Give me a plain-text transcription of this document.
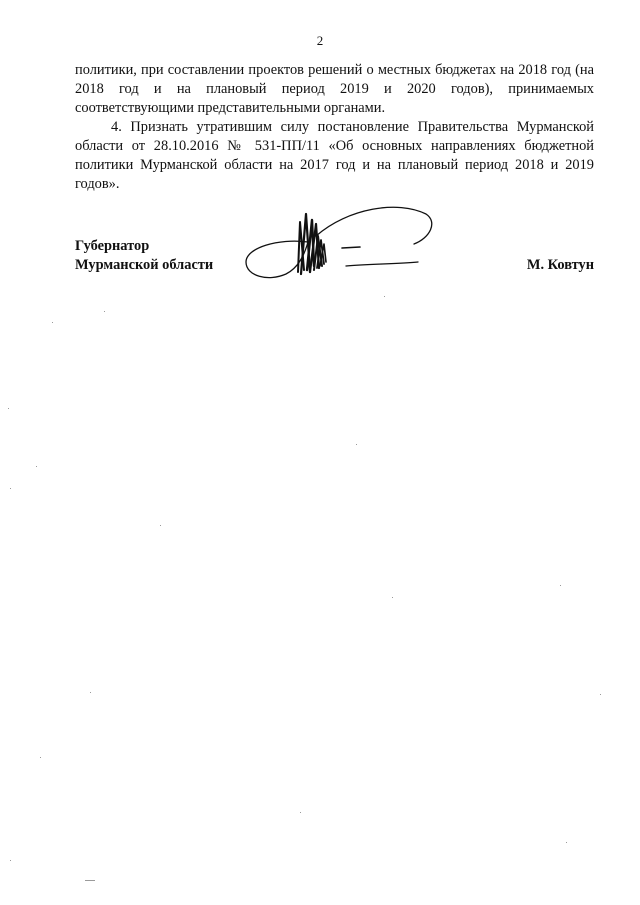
2

политики, при составлении проектов решений о местных бюджетах на 2018 год (на 2018 год и на плановый период 2019 и 2020 годов), принимаемых соответствующими представительными органами.

4. Признать утратившим силу постановление Правительства Мурманской области от 28.10.2016 № 531-ПП/11 «Об основных направлениях бюджетной политики Мурманской области на 2017 год и на плановый период 2018 и 2019 годов».

Губернатор
Мурманской области	М. Ковтун
